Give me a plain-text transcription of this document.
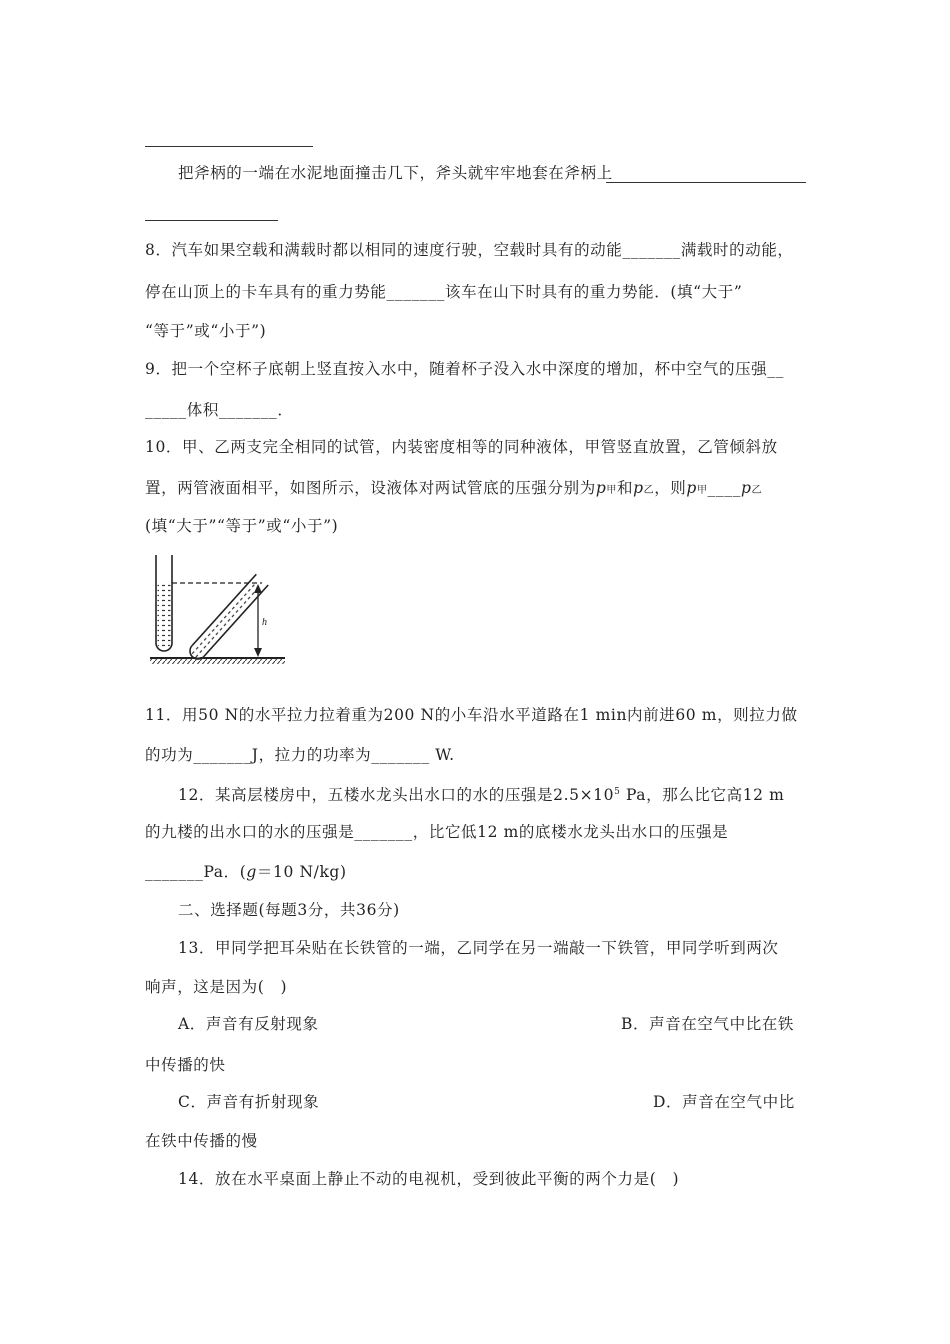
把斧柄的一端在水泥地面撞击几下，斧头就牢牢地套在斧柄上
8．汽车如果空载和满载时都以相同的速度行驶，空载时具有的动能_______满载时的动能，
停在山顶上的卡车具有的重力势能_______该车在山下时具有的重力势能．(填“大于”
“等于”或“小于”)
9．把一个空杯子底朝上竖直按入水中，随着杯子没入水中深度的增加，杯中空气的压强__
_____体积_______．
10．甲、乙两支完全相同的试管，内装密度相等的同种液体，甲管竖直放置，乙管倾斜放
置，两管液面相平，如图所示，设液体对两试管底的压强分别为p甲和p乙，则p甲____p乙
(填“大于”“等于”或“小于”)
h
11．用50 N的水平拉力拉着重为200 N的小车沿水平道路在1 min内前进60 m，则拉力做
的功为_______J，拉力的功率为_______ W.
12．某高层楼房中，五楼水龙头出水口的水的压强是$2.5\times 10^5$ Pa，那么比它高12 m
的九楼的出水口的水的压强是_______，比它低12 m的底楼水龙头出水口的压强是
_______Pa．(g＝10 N/kg)
二、选择题(每题3分，共36分)
13．甲同学把耳朵贴在长铁管的一端，乙同学在另一端敲一下铁管，甲同学听到两次
响声，这是因为(　)
A．声音有反射现象	B．声音在空气中比在铁
中传播的快
C．声音有折射现象	D．声音在空气中比
在铁中传播的慢
14．放在水平桌面上静止不动的电视机，受到彼此平衡的两个力是(　)
